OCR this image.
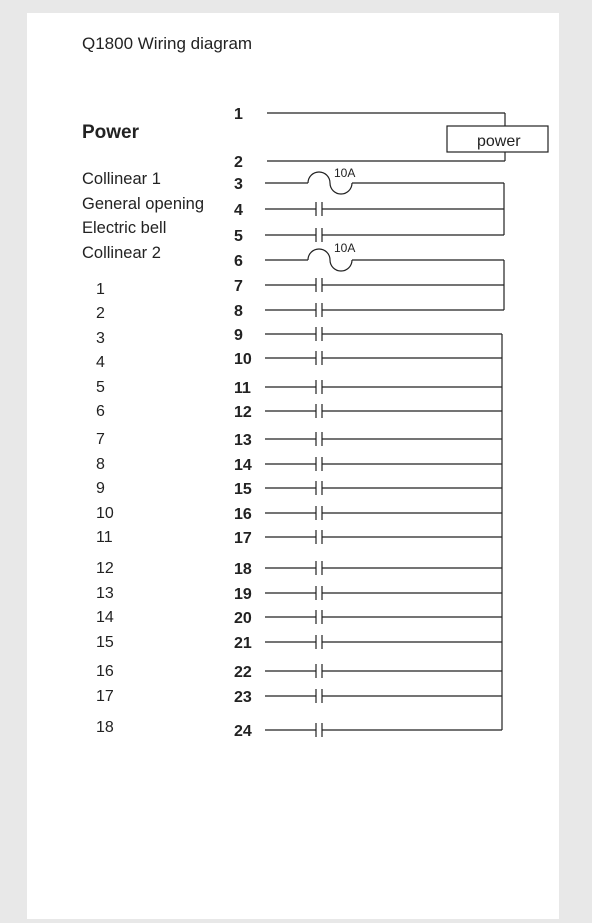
Q1800 Wiring diagram
Power	power
10A
10A
Collinear 1
General opening
Electric bell
Collinear 2
1
2
3
4
5
6
7
8
9
10
11
12
13
14
15
16
17
18
19
20
21
22
23
24
1
2
3
4
5
6
7
8
9
10
11
12
13
14
15
16
17
18
